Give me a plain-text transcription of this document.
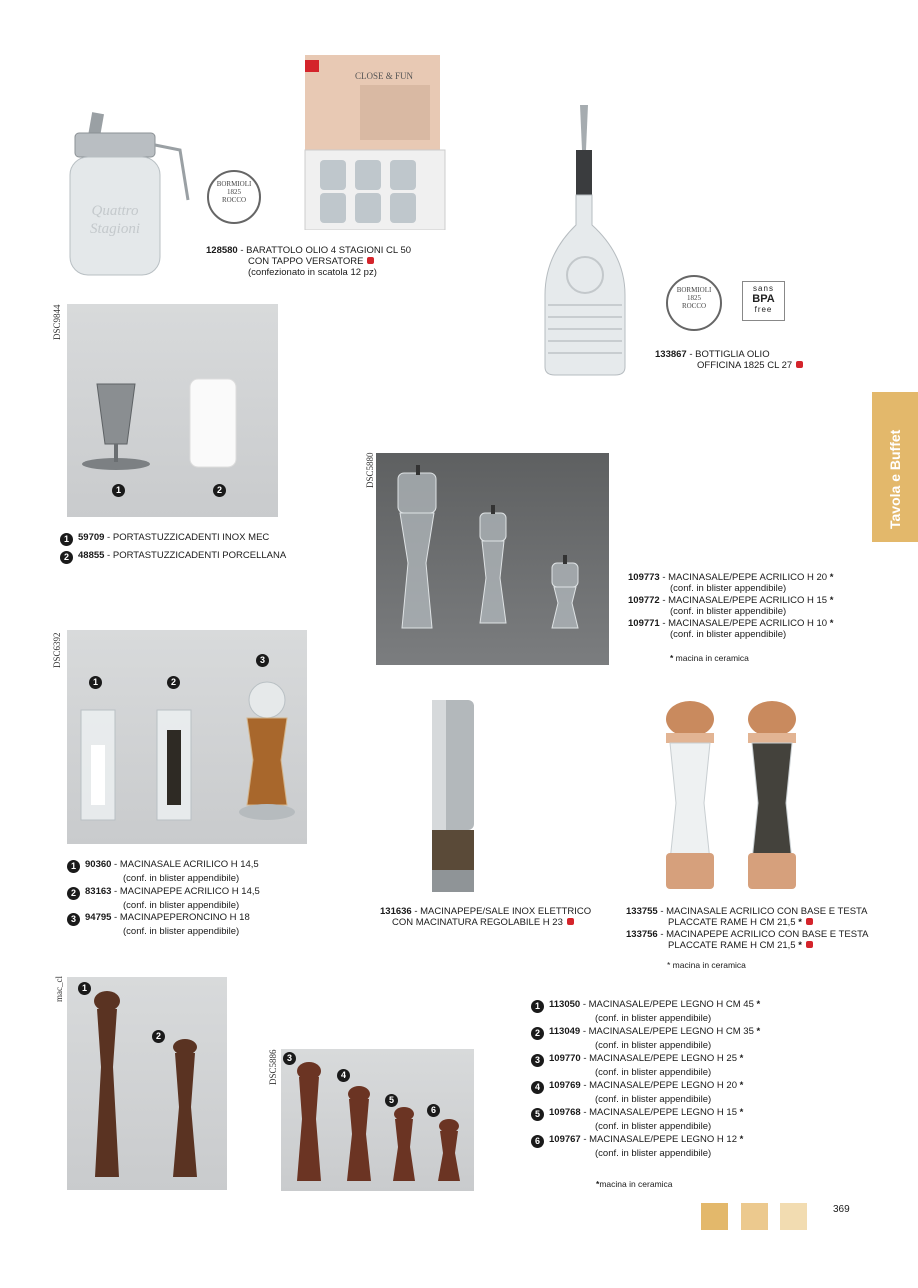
Quattro
Stagioni
BORMIOLI
1825
ROCCO
CLOSE & FUN
128580 - BARATTOLO OLIO 4 STAGIONI CL 50
CON TAPPO VERSATORE
(confezionato in scatola 12 pz)
BORMIOLI
1825
ROCCO
sans
BPA
free
133867 - BOTTIGLIA OLIO
OFFICINA 1825 CL 27
Tavola e Buffet
DSC9844
1	2
1 59709 - PORTASTUZZICADENTI INOX MEC
2 48855 - PORTASTUZZICADENTI PORCELLANA
DSC5880
109773 - MACINASALE/PEPE ACRILICO H 20 *
(conf. in blister appendibile)
109772 - MACINASALE/PEPE ACRILICO H 15 *
(conf. in blister appendibile)
109771 - MACINASALE/PEPE ACRILICO H 10 *
(conf. in blister appendibile)
* macina in ceramica
DSC6392
1	2
3
1 90360 - MACINASALE ACRILICO H 14,5
(conf. in blister appendibile)
2 83163 - MACINAPEPE ACRILICO H 14,5
(conf. in blister appendibile)
3 94795 - MACINAPEPERONCINO H 18
(conf. in blister appendibile)
131636 - MACINAPEPE/SALE INOX ELETTRICO
CON MACINATURA REGOLABILE H 23
133755 - MACINASALE ACRILICO CON BASE E TESTA
PLACCATE RAME H CM 21,5 *
133756 - MACINAPEPE ACRILICO CON BASE E TESTA
PLACCATE RAME H CM 21,5 *
* macina in ceramica
mac_cl	1
2
DSC5886 3
4
5
6
1 113050 - MACINASALE/PEPE LEGNO H CM 45 *
(conf. in blister appendibile)
2 113049 - MACINASALE/PEPE LEGNO H CM 35 *
(conf. in blister appendibile)
3 109770 - MACINASALE/PEPE LEGNO H 25 *
(conf. in blister appendibile)
4 109769 - MACINASALE/PEPE LEGNO H 20 *
(conf. in blister appendibile)
5 109768 - MACINASALE/PEPE LEGNO H 15 *
(conf. in blister appendibile)
6 109767 - MACINASALE/PEPE LEGNO H 12 *
(conf. in blister appendibile)
*macina in ceramica
369
